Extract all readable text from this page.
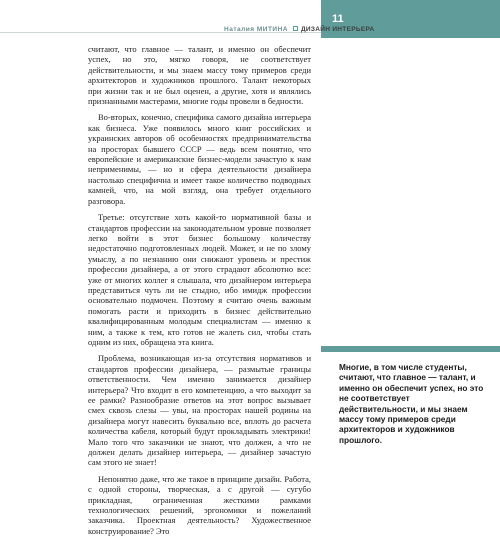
Наталия МИТИНА ДИЗАЙН ИНТЕРЬЕРА
11

считают, что главное — талант, и именно он обеспечит успех, но это, мягко говоря, не соответствует действительности, и мы знаем массу тому примеров среди архитекторов и художников прошлого. Талант некоторых при жизни так и не был оценен, а другие, хотя и являлись признанными мастерами, многие годы провели в бедности.

Во-вторых, конечно, специфика самого дизайна интерьера как бизнеса. Уже появилось много книг российских и украинских авторов об особенностях предпринимательства на просторах бывшего СССР — ведь всем понятно, что европейские и американские бизнес-модели зачастую к нам неприменимы, — но и сфера деятельности дизайнера настолько специфична и имеет такое количество подводных камней, что, на мой взгляд, она требует отдельного разговора.

Третье: отсутствие хоть какой-то нормативной базы и стандартов профессии на законодательном уровне позволяет легко войти в этот бизнес большому количеству недостаточно подготовленных людей. Может, и не по злому умыслу, а по незнанию они снижают уровень и престиж профессии дизайнера, а от этого страдают абсолютно все: уже от многих коллег я слышала, что дизайнером интерьера представиться чуть ли не стыдно, ибо имидж профессии основательно подмочен. Поэтому я считаю очень важным помогать расти и приходить в бизнес действительно квалифицированным молодым специалистам — именно к ним, а также к тем, кто готов не жалеть сил, чтобы стать одним из них, обращена эта книга.

Проблема, возникающая из-за отсутствия нормативов и стандартов профессии дизайнера, — размытые границы ответственности. Чем именно занимается дизайнер интерьера? Что входит в его компетенцию, а что выходит за ее рамки? Разнообразие ответов на этот вопрос вызывает смех сквозь слезы — увы, на просторах нашей родины на дизайнера могут навесить буквально все, вплоть до расчета количества кабеля, который будут прокладывать электрики! Мало того что заказчики не знают, что должен, а что не должен делать дизайнер интерьера, — дизайнер зачастую сам этого не знает!

Непонятно даже, что же такое в принципе дизайн. Работа, с одной стороны, творческая, а с другой — сугубо прикладная, ограниченная жесткими рамками технологических решений, эргономики и пожеланий заказчика. Проектная деятельность? Художественное конструирование? Это

Многие, в том числе студенты, считают, что главное — талант, и именно он обеспечит успех, но это не соответствует действительности, и мы знаем массу тому примеров среди архитекторов и художников прошлого.
